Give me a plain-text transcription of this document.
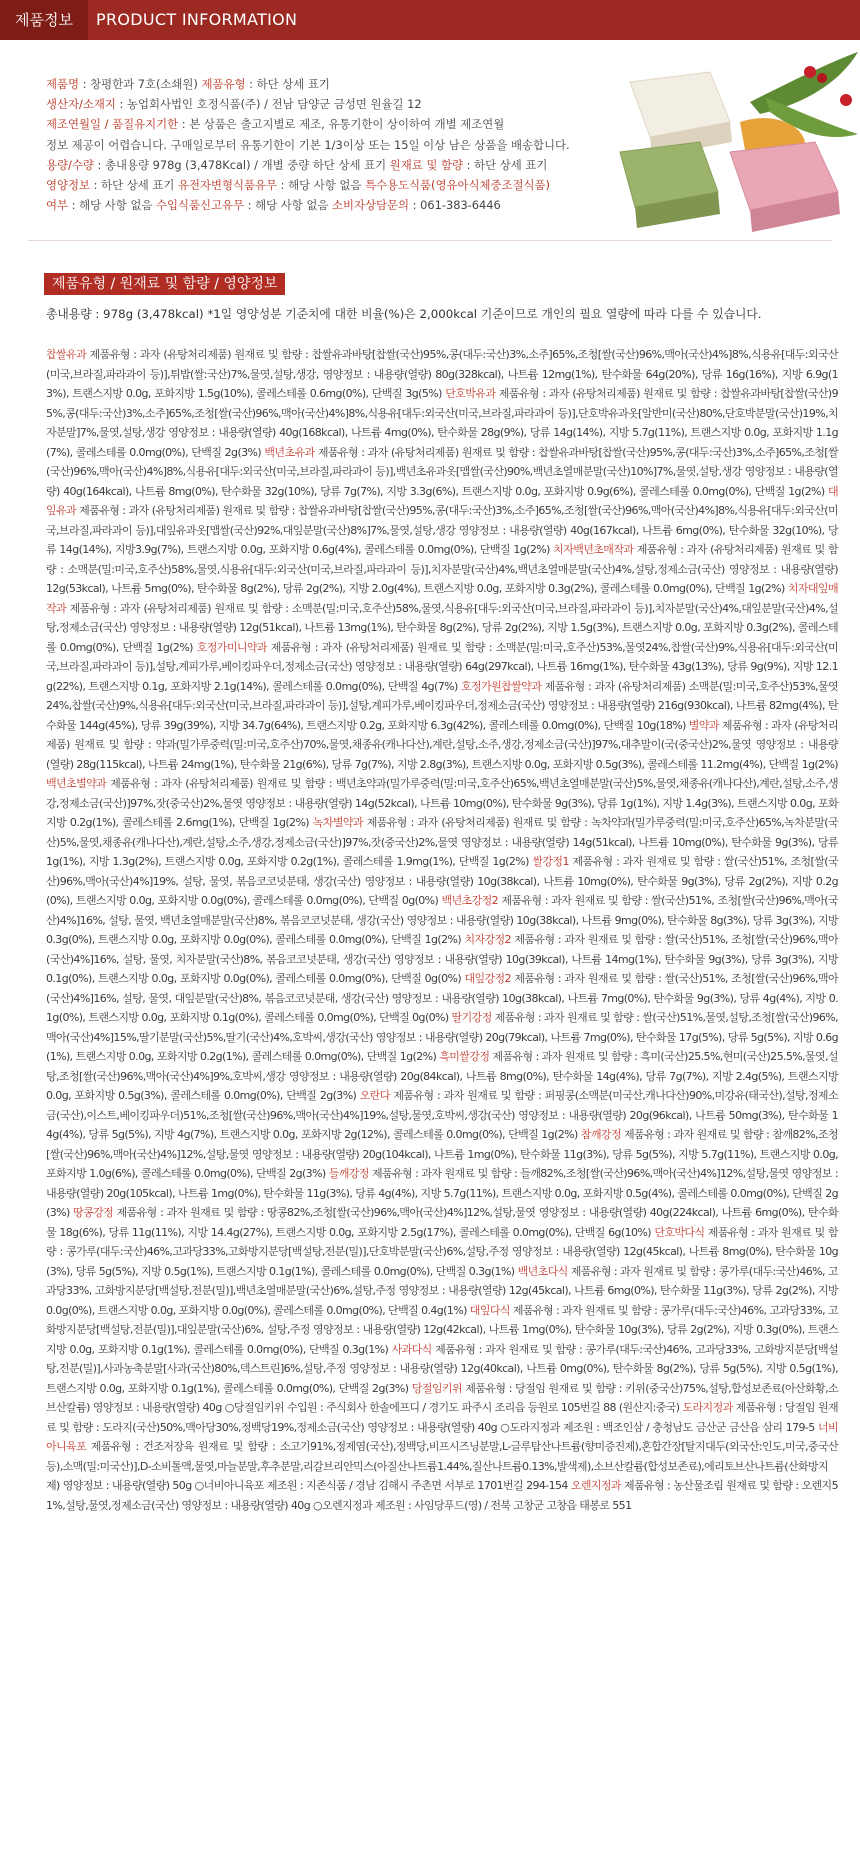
제품정보	PRODUCT INFORMATION
제품명 : 창평한과 7호(소쇄원) 제품유형 : 하단 상세 표기
생산자/소재지 : 농업회사법인 호정식품(주) / 전남 담양군 금성면 원율길 12
제조연월일 / 품질유지기한 : 본 상품은 출고지별로 제조, 유통기한이 상이하여 개별 제조연월
정보 제공이 어렵습니다. 구매일로부터 유통기한이 기본 1/3이상 또는 15일 이상 남은 상품을 배송합니다.
용량/수량 : 총내용량 978g (3,478Kcal) / 개별 중량 하단 상세 표기 원재료 및 함량 : 하단 상세 표기
영양정보 : 하단 상세 표기 유전자변형식품유무 : 해당 사항 없음 특수용도식품(영유아식체중조절식품)
여부 : 해당 사항 없음 수입식품신고유무 : 해당 사항 없음 소비자상담문의 : 061-383-6446
제품유형 / 원재료 및 함량 / 영양정보
총내용량 : 978g (3,478kcal) *1일 영양성분 기준치에 대한 비율(%)은 2,000kcal 기준이므로 개인의 필요 열량에 따라 다를 수 있습니다.
찹쌀유과 제품유형 : 과자 (유탕처리제품) 원재료 및 함량 : 찹쌀유과바탕[찹쌀(국산)95%,콩(대두:국산)3%,소주]65%,조청[쌀(국산)96%,맥아(국산)4%]8%,식용유[대두:외국산(미국,브라질,파라과이 등)],튀밥(쌀:국산)7%,물엿,설탕,생강, 영양정보 : 내용량(열량) 80g(328kcal), 나트륨 12mg(1%), 탄수화물 64g(20%), 당류 16g(16%), 지방 6.9g(13%), 트랜스지방 0.0g, 포화지방 1.5g(10%), 콜레스테롤 0.6mg(0%), 단백질 3g(5%) 단호박유과 제품유형 : 과자 (유탕처리제품) 원재료 및 함량 : 찹쌀유과바탕[찹쌀(국산)95%,콩(대두:국산)3%,소주]65%,조청[쌀(국산)96%,맥아(국산)4%]8%,식용유[대두:외국산(미국,브라질,파라과이 등)],단호박유과옷[알반미(국산)80%,단호박분말(국산)19%,치자분말]7%,물엿,설탕,생강 영양정보 : 내용량(열량) 40g(168kcal), 나트륨 4mg(0%), 탄수화물 28g(9%), 당류 14g(14%), 지방 5.7g(11%), 트랜스지방 0.0g, 포화지방 1.1g(7%), 콜레스테롤 0.0mg(0%), 단백질 2g(3%) 백년초유과 제품유형 : 과자 (유탕처리제품) 원재료 및 함량 : 찹쌀유과바탕[찹쌀(국산)95%,콩(대두:국산)3%,소주]65%,조청[쌀(국산)96%,맥아(국산)4%]8%,식용유[대두:외국산(미국,브라질,파라과이 등)],백년초유과옷[맵쌀(국산)90%,백년초열매분말(국산)10%]7%,물엿,설탕,생강 영양정보 : 내용량(열량) 40g(164kcal), 나트륨 8mg(0%), 탄수화물 32g(10%), 당류 7g(7%), 지방 3.3g(6%), 트랜스지방 0.0g, 포화지방 0.9g(6%), 콜레스테롤 0.0mg(0%), 단백질 1g(2%) 대잎유과 제품유형 : 과자 (유탕처리제품) 원재료 및 함량 : 찹쌀유과바탕[찹쌀(국산)95%,콩(대두:국산)3%,소주]65%,조청[쌀(국산)96%,맥아(국산)4%]8%,식용유[대두:외국산(미국,브라질,파라과이 등)],대잎유과옷[맵쌀(국산)92%,대잎분말(국산)8%]7%,물엿,설탕,생강 영양정보 : 내용량(열량) 40g(167kcal), 나트륨 6mg(0%), 탄수화물 32g(10%), 당류 14g(14%), 지방3.9g(7%), 트랜스지방 0.0g, 포화지방 0.6g(4%), 콜레스테롤 0.0mg(0%), 단백질 1g(2%) 치자백년초매작과 제품유형 : 과자 (유탕처리제품) 원재료 및 함량 : 소맥분(밀:미국,호주산)58%,물엿,식용유[대두:외국산(미국,브라질,파라과이 등)],치자분말(국산)4%,백년초열매분말(국산)4%,설탕,정제소금(국산) 영양정보 : 내용량(열량) 12g(53kcal), 나트륨 5mg(0%), 탄수화물 8g(2%), 당류 2g(2%), 지방 2.0g(4%), 트랜스지방 0.0g, 포화지방 0.3g(2%), 콜레스테롤 0.0mg(0%), 단백질 1g(2%) 치자대잎매작과 제품유형 : 과자 (유탕처리제품) 원재료 및 함량 : 소맥분(밀:미국,호주산)58%,물엿,식용유[대두:외국산(미국,브라질,파라과이 등)],치자분말(국산)4%,대잎분말(국산)4%,설탕,정제소금(국산) 영양정보 : 내용량(열량) 12g(51kcal), 나트륨 13mg(1%), 탄수화물 8g(2%), 당류 2g(2%), 지방 1.5g(3%), 트랜스지방 0.0g, 포화지방 0.3g(2%), 콜레스테롤 0.0mg(0%), 단백질 1g(2%) 호정가미니약과 제품유형 : 과자 (유탕처리제품) 원재료 및 함량 : 소맥분(밀:미국,호주산)53%,물엿24%,찹쌀(국산)9%,식용유[대두:외국산(미국,브라질,파라과이 등)],설탕,계피가루,베이킹파우더,정제소금(국산) 영양정보 : 내용량(열량) 64g(297kcal), 나트륨 16mg(1%), 탄수화물 43g(13%), 당류 9g(9%), 지방 12.1g(22%), 트랜스지방 0.1g, 포화지방 2.1g(14%), 콜레스테롤 0.0mg(0%), 단백질 4g(7%) 호정가원찹쌀약과 제품유형 : 과자 (유탕처리제품) 소맥분(밀:미국,호주산)53%,물엿24%,찹쌀(국산)9%,식용유[대두:외국산(미국,브라질,파라과이 등)],설탕,계피가루,베이킹파우더,정제소금(국산) 영양정보 : 내용량(열량) 216g(930kcal), 나트륨 82mg(4%), 탄수화물 144g(45%), 당류 39g(39%), 지방 34.7g(64%), 트랜스지방 0.2g, 포화지방 6.3g(42%), 콜레스테롤 0.0mg(0%), 단백질 10g(18%) 별약과 제품유형 : 과자 (유탕처리제품) 원재료 및 함량 : 약과(밀가루중력(밀:미국,호주산)70%,물엿,채종유(캐나다산),계란,설탕,소주,생강,정제소금(국산)]97%,대추말이(국(중국산)2%,물엿 영양정보 : 내용량(열량) 28g(115kcal), 나트륨 24mg(1%), 탄수화물 21g(6%), 당류 7g(7%), 지방 2.8g(3%), 트랜스지방 0.0g, 포화지방 0.5g(3%), 콜레스테롤 11.2mg(4%), 단백질 1g(2%) 백년초별약과 제품유형 : 과자 (유탕처리제품) 원재료 및 함량 : 백년초약과(밀가루중력(밀:미국,호주산)65%,백년초열매분말(국산)5%,물엿,채종유(캐나다산),계란,설탕,소주,생강,정제소금(국산)]97%,잣(중국산)2%,물엿 영양정보 : 내용량(열량) 14g(52kcal), 나트륨 10mg(0%), 탄수화물 9g(3%), 당류 1g(1%), 지방 1.4g(3%), 트랜스지방 0.0g, 포화지방 0.2g(1%), 콜레스테롤 2.6mg(1%), 단백질 1g(2%) 녹차별약과 제품유형 : 과자 (유탕처리제품) 원재료 및 함량 : 녹차약과(밀가루중력(밀:미국,호주산)65%,녹차분말(국산)5%,물엿,채종유(캐나다산),계란,설탕,소주,생강,정제소금(국산)]97%,잣(중국산)2%,물엿 영양정보 : 내용량(열량) 14g(51kcal), 나트륨 10mg(0%), 탄수화물 9g(3%), 당류 1g(1%), 지방 1.3g(2%), 트랜스지방 0.0g, 포화지방 0.2g(1%), 콜레스테롤 1.9mg(1%), 단백질 1g(2%) 쌀강정1 제품유형 : 과자 원재료 및 함량 : 쌀(국산)51%, 조청[쌀(국산)96%,맥아(국산)4%]19%, 설탕, 물엿, 볶음코코넛분태, 생강(국산) 영양정보 : 내용량(열량) 10g(38kcal), 나트륨 10mg(0%), 탄수화물 9g(3%), 당류 2g(2%), 지방 0.2g(0%), 트랜스지방 0.0g, 포화지방 0.0g(0%), 콜레스테롤 0.0mg(0%), 단백질 0g(0%) 백년초강정2 제품유형 : 과자 원재료 및 함량 : 쌀(국산)51%, 조청[쌀(국산)96%,맥아(국산)4%]16%, 설탕, 물엿, 백년초열매분말(국산)8%, 볶음코코넛분태, 생강(국산) 영양정보 : 내용량(열량) 10g(38kcal), 나트륨 9mg(0%), 탄수화물 8g(3%), 당류 3g(3%), 지방 0.3g(0%), 트랜스지방 0.0g, 포화지방 0.0g(0%), 콜레스테롤 0.0mg(0%), 단백질 1g(2%) 치자강정2 제품유형 : 과자 원재료 및 함량 : 쌀(국산)51%, 조청[쌀(국산)96%,맥아(국산)4%]16%, 설탕, 물엿, 치자분말(국산)8%, 볶음코코넛분태, 생강(국산) 영양정보 : 내용량(열량) 10g(39kcal), 나트륨 14mg(1%), 탄수화물 9g(3%), 당류 3g(3%), 지방 0.1g(0%), 트랜스지방 0.0g, 포화지방 0.0g(0%), 콜레스테롤 0.0mg(0%), 단백질 0g(0%) 대잎강정2 제품유형 : 과자 원재료 및 함량 : 쌀(국산)51%, 조청[쌀(국산)96%,맥아(국산)4%]16%, 설탕, 물엿, 대잎분말(국산)8%, 볶음코코넛분태, 생강(국산) 영양정보 : 내용량(열량) 10g(38kcal), 나트륨 7mg(0%), 탄수화물 9g(3%), 당류 4g(4%), 지방 0.1g(0%), 트랜스지방 0.0g, 포화지방 0.1g(0%), 콜레스테롤 0.0mg(0%), 단백질 0g(0%) 딸기강정 제품유형 : 과자 원재료 및 함량 : 쌀(국산)51%,물엿,설탕,조청[쌀(국산)96%,맥아(국산)4%]15%,딸기분말(국산)5%,딸기(국산)4%,호박씨,생강(국산) 영양정보 : 내용량(열량) 20g(79kcal), 나트륨 7mg(0%), 탄수화물 17g(5%), 당류 5g(5%), 지방 0.6g(1%), 트랜스지방 0.0g, 포화지방 0.2g(1%), 콜레스테롤 0.0mg(0%), 단백질 1g(2%) 흑미쌀강정 제품유형 : 과자 원재료 및 함량 : 흑미(국산)25.5%,현미(국산)25.5%,물엿,설탕,조청[쌀(국산)96%,맥아(국산)4%]9%,호박씨,생강 영양정보 : 내용량(열량) 20g(84kcal), 나트륨 8mg(0%), 탄수화물 14g(4%), 당류 7g(7%), 지방 2.4g(5%), 트랜스지방 0.0g, 포화지방 0.5g(3%), 콜레스테롤 0.0mg(0%), 단백질 2g(3%) 오란다 제품유형 : 과자 원재료 및 함량 : 퍼핑콩(소맥분(미국산,캐나다산)90%,미강유(태국산),설탕,정제소금(국산),이스트,베이킹파우더)51%,조청[쌀(국산)96%,맥아(국산)4%]19%,설탕,물엿,호박씨,생강(국산) 영양정보 : 내용량(열량) 20g(96kcal), 나트륨 50mg(3%), 탄수화물 14g(4%), 당류 5g(5%), 지방 4g(7%), 트랜스지방 0.0g, 포화지방 2g(12%), 콜레스테롤 0.0mg(0%), 단백질 1g(2%) 참깨강정 제품유형 : 과자 원재료 및 함량 : 참깨82%,조청[쌀(국산)96%,맥아(국산)4%]12%,설탕,물엿 영양정보 : 내용량(열량) 20g(104kcal), 나트륨 1mg(0%), 탄수화물 11g(3%), 당류 5g(5%), 지방 5.7g(11%), 트랜스지방 0.0g, 포화지방 1.0g(6%), 콜레스테롤 0.0mg(0%), 단백질 2g(3%) 들깨강정 제품유형 : 과자 원재료 및 함량 : 들깨82%,조청[쌀(국산)96%,맥아(국산)4%]12%,설탕,물엿 영양정보 : 내용량(열량) 20g(105kcal), 나트륨 1mg(0%), 탄수화물 11g(3%), 당류 4g(4%), 지방 5.7g(11%), 트랜스지방 0.0g, 포화지방 0.5g(4%), 콜레스테롤 0.0mg(0%), 단백질 2g(3%) 땅콩강정 제품유형 : 과자 원재료 및 함량 : 땅콩82%,조청[쌀(국산)96%,맥아(국산)4%]12%,설탕,물엿 영양정보 : 내용량(열량) 40g(224kcal), 나트륨 6mg(0%), 탄수화물 18g(6%), 당류 11g(11%), 지방 14.4g(27%), 트랜스지방 0.0g, 포화지방 2.5g(17%), 콜레스테롤 0.0mg(0%), 단백질 6g(10%) 단호박다식 제품유형 : 과자 원재료 및 함량 : 콩가루(대두:국산)46%,고과당33%,고화방지분당[백설탕,전분(밀)],단호박분말(국산)6%,설탕,주정 영양정보 : 내용량(열량) 12g(45kcal), 나트륨 8mg(0%), 탄수화물 10g(3%), 당류 5g(5%), 지방 0.5g(1%), 트랜스지방 0.1g(1%), 콜레스테롤 0.0mg(0%), 단백질 0.3g(1%) 백년초다식 제품유형 : 과자 원재료 및 함량 : 콩가루(대두:국산)46%, 고과당33%, 고화방지분당[백설탕,전분(밀)],백년초열매분말(국산)6%,설탕,주정 영양정보 : 내용량(열량) 12g(45kcal), 나트륨 6mg(0%), 탄수화물 11g(3%), 당류 2g(2%), 지방 0.0g(0%), 트랜스지방 0.0g, 포화지방 0.0g(0%), 콜레스테롤 0.0mg(0%), 단백질 0.4g(1%) 대잎다식 제품유형 : 과자 원재료 및 함량 : 콩가루(대두:국산)46%, 고과당33%, 고화방지분당[백설탕,전분(밀)],대잎분말(국산)6%, 설탕,주정 영양정보 : 내용량(열량) 12g(42kcal), 나트륨 1mg(0%), 탄수화물 10g(3%), 당류 2g(2%), 지방 0.3g(0%), 트랜스지방 0.0g, 포화지방 0.1g(1%), 콜레스테롤 0.0mg(0%), 단백질 0.3g(1%) 사과다식 제품유형 : 과자 원재료 및 함량 : 콩가루(대두:국산)46%, 고과당33%, 고화방지분당[백설탕,전분(밀)],사과농축분말[사과(국산)80%,덱스트린]6%,설탕,주정 영양정보 : 내용량(열량) 12g(40kcal), 나트륨 0mg(0%), 탄수화물 8g(2%), 당류 5g(5%), 지방 0.5g(1%), 트랜스지방 0.0g, 포화지방 0.1g(1%), 콜레스테롤 0.0mg(0%), 단백질 2g(3%) 당절임키위 제품유형 : 당절임 원재료 및 함량 : 키위(중국산)75%,설탕,합성보존료(아산화황,소브산칼륨) 영양정보 : 내용량(열량) 40g ○당절임키위 수입원 : 주식회사 한솔에프디 / 경기도 파주시 조리읍 등원로 105번길 88 (원산지:중국) 도라지정과 제품유형 : 당절임 원재료 및 함량 : 도라지(국산)50%,맥아당30%,정백당19%,정제소금(국산) 영양정보 : 내용량(열량) 40g ○도라지정과 제조원 : 백조인삼 / 충청남도 금산군 금산읍 삼리 179-5 너비아니육포 제품유형 : 건조저장육 원재료 및 함량 : 소고기91%,정제염(국산),정백당,비프시즈닝분말,L-글루탐산나트륨(향미증진제),혼합간장[탈지대두(외국산:인도,미국,중국산 등),소맥(밀:미국산)],D-소비톨액,물엿,마늘분말,후추분말,리갈브리안믹스(아질산나트륨1.44%,질산나트륨0.13%,발색제),소브산칼륨(합성보존료),에리토브산나트륨(산화방지제) 영양정보 : 내용량(열량) 50g ○너비아니육포 제조원 : 지존식품 / 경남 김해시 주촌면 서부로 1701번길 294-154 오렌지정과 제품유형 : 농산물조림 원재료 및 함량 : 오렌지51%,설탕,물엿,정제소금(국산) 영양정보 : 내용량(열량) 40g ○오렌지정과 제조원 : 사임당푸드(영) / 전북 고창군 고창읍 태봉로 551
